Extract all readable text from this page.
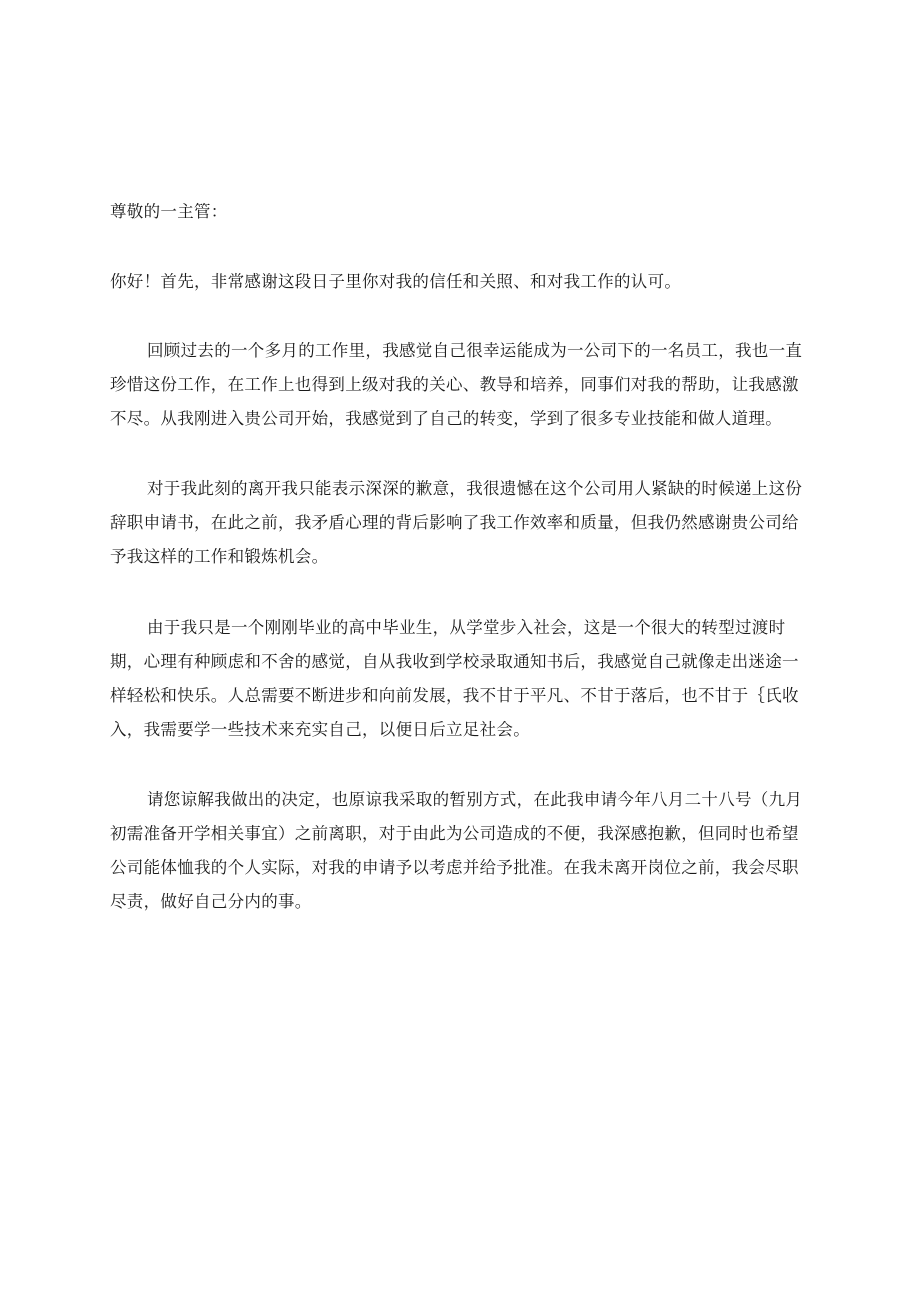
尊敬的一主管：

你好！首先，非常感谢这段日子里你对我的信任和关照、和对我工作的认可。

回顾过去的一个多月的工作里，我感觉自己很幸运能成为一公司下的一名员工，我也一直珍惜这份工作，在工作上也得到上级对我的关心、教导和培养，同事们对我的帮助，让我感激不尽。从我刚进入贵公司开始，我感觉到了自己的转变，学到了很多专业技能和做人道理。

对于我此刻的离开我只能表示深深的歉意，我很遗憾在这个公司用人紧缺的时候递上这份辞职申请书，在此之前，我矛盾心理的背后影响了我工作效率和质量，但我仍然感谢贵公司给予我这样的工作和锻炼机会。

由于我只是一个刚刚毕业的高中毕业生，从学堂步入社会，这是一个很大的转型过渡时期，心理有种顾虑和不舍的感觉，自从我收到学校录取通知书后，我感觉自己就像走出迷途一样轻松和快乐。人总需要不断进步和向前发展，我不甘于平凡、不甘于落后，也不甘于｛氏收入，我需要学一些技术来充实自己，以便日后立足社会。

请您谅解我做出的决定，也原谅我采取的暂别方式，在此我申请今年八月二十八号（九月初需准备开学相关事宜）之前离职，对于由此为公司造成的不便，我深感抱歉，但同时也希望公司能体恤我的个人实际，对我的申请予以考虑并给予批准。在我未离开岗位之前，我会尽职尽责，做好自己分内的事。
